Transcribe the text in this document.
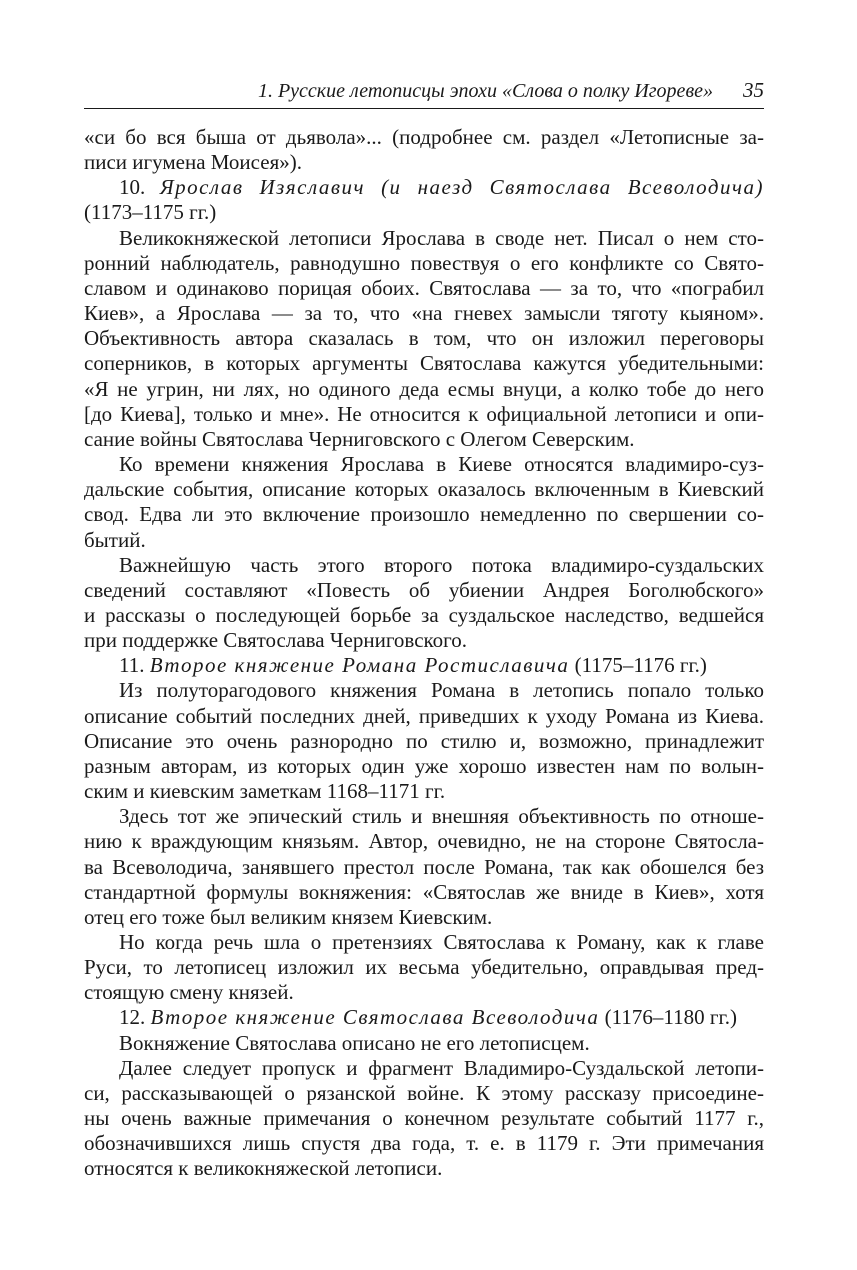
1. Русские летописцы эпохи «Слова о полку Игореве» 35
«си бо вся быша от дьявола»... (подробнее см. раздел «Летописные за-
писи игумена Моисея»).
10. Ярослав Изяславич (и наезд Святослава Всеволодича)
(1173–1175 гг.)
Великокняжеской летописи Ярослава в своде нет. Писал о нем сто-
ронний наблюдатель, равнодушно повествуя о его конфликте со Свято-
славом и одинаково порицая обоих. Святослава — за то, что «пограбил
Киев», а Ярослава — за то, что «на гневех замысли тяготу кыяном».
Объективность автора сказалась в том, что он изложил переговоры
соперников, в которых аргументы Святослава кажутся убедительными:
«Я не угрин, ни лях, но одиного деда есмы внуци, а колко тобе до него
[до Киева], только и мне». Не относится к официальной летописи и опи-
сание войны Святослава Черниговского с Олегом Северским.
Ко времени княжения Ярослава в Киеве относятся владимиро-суз-
дальские события, описание которых оказалось включенным в Киевский
свод. Едва ли это включение произошло немедленно по свершении со-
бытий.
Важнейшую часть этого второго потока владимиро-суздальских
сведений составляют «Повесть об убиении Андрея Боголюбского»
и рассказы о последующей борьбе за суздальское наследство, ведшейся
при поддержке Святослава Черниговского.
11. Второе княжение Романа Ростиславича (1175–1176 гг.)
Из полуторагодового княжения Романа в летопись попало только
описание событий последних дней, приведших к уходу Романа из Киева.
Описание это очень разнородно по стилю и, возможно, принадлежит
разным авторам, из которых один уже хорошо известен нам по волын-
ским и киевским заметкам 1168–1171 гг.
Здесь тот же эпический стиль и внешняя объективность по отноше-
нию к враждующим князьям. Автор, очевидно, не на стороне Святосла-
ва Всеволодича, занявшего престол после Романа, так как обошелся без
стандартной формулы вокняжения: «Святослав же вниде в Киев», хотя
отец его тоже был великим князем Киевским.
Но когда речь шла о претензиях Святослава к Роману, как к главе
Руси, то летописец изложил их весьма убедительно, оправдывая пред-
стоящую смену князей.
12. Второе княжение Святослава Всеволодича (1176–1180 гг.)
Вокняжение Святослава описано не его летописцем.
Далее следует пропуск и фрагмент Владимиро-Суздальской летопи-
си, рассказывающей о рязанской войне. К этому рассказу присоедине-
ны очень важные примечания о конечном результате событий 1177 г.,
обозначившихся лишь спустя два года, т. е. в 1179 г. Эти примечания
относятся к великокняжеской летописи.
